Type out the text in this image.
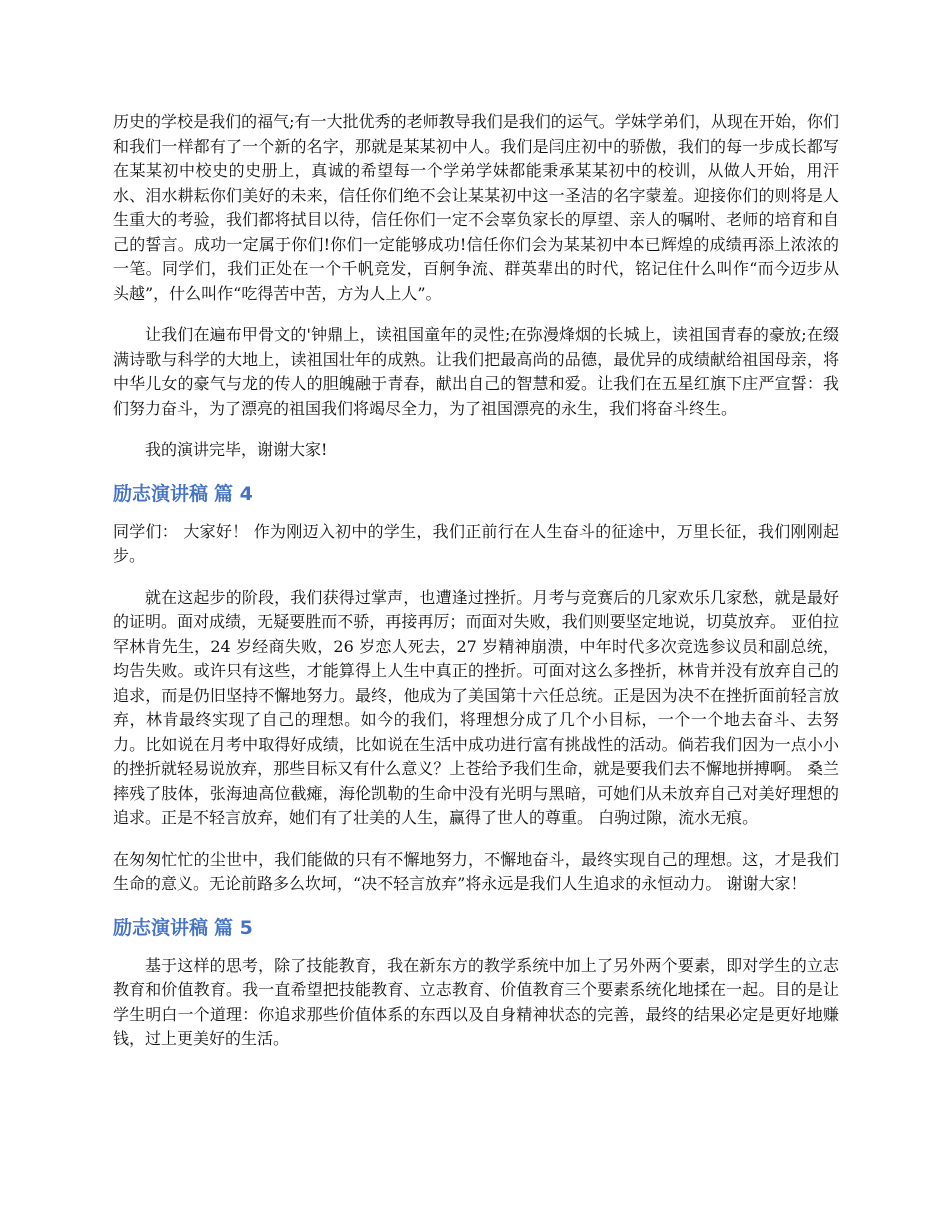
历史的学校是我们的福气;有一大批优秀的老师教导我们是我们的运气。学妹学弟们，从现在开始，你们和我们一样都有了一个新的名字，那就是某某初中人。我们是闫庄初中的骄傲，我们的每一步成长都写在某某初中校史的史册上，真诚的希望每一个学弟学妹都能秉承某某初中的校训，从做人开始，用汗水、泪水耕耘你们美好的未来，信任你们绝不会让某某初中这一圣洁的名字蒙羞。迎接你们的则将是人生重大的考验，我们都将拭目以待，信任你们一定不会辜负家长的厚望、亲人的嘱咐、老师的培育和自己的誓言。成功一定属于你们!你们一定能够成功!信任你们会为某某初中本已辉煌的成绩再添上浓浓的一笔。同学们，我们正处在一个千帆竞发，百舸争流、群英辈出的时代，铭记住什么叫作“而今迈步从头越”，什么叫作“吃得苦中苦，方为人上人”。

让我们在遍布甲骨文的'钟鼎上，读祖国童年的灵性;在弥漫烽烟的长城上，读祖国青春的豪放;在缀满诗歌与科学的大地上，读祖国壮年的成熟。让我们把最高尚的品德，最优异的成绩献给祖国母亲，将中华儿女的豪气与龙的传人的胆魄融于青春，献出自己的智慧和爱。让我们在五星红旗下庄严宣誓：我们努力奋斗，为了漂亮的祖国我们将竭尽全力，为了祖国漂亮的永生，我们将奋斗终生。

我的演讲完毕，谢谢大家!

励志演讲稿 篇 4

同学们： 大家好！ 作为刚迈入初中的学生，我们正前行在人生奋斗的征途中，万里长征，我们刚刚起步。

就在这起步的阶段，我们获得过掌声，也遭逢过挫折。月考与竞赛后的几家欢乐几家愁，就是最好的证明。面对成绩，无疑要胜而不骄，再接再厉；而面对失败，我们则要坚定地说，切莫放弃。 亚伯拉罕林肯先生，24 岁经商失败，26 岁恋人死去，27 岁精神崩溃，中年时代多次竞选参议员和副总统，均告失败。或许只有这些，才能算得上人生中真正的挫折。可面对这么多挫折，林肯并没有放弃自己的追求，而是仍旧坚持不懈地努力。最终，他成为了美国第十六任总统。正是因为决不在挫折面前轻言放弃，林肯最终实现了自己的理想。如今的我们，将理想分成了几个小目标，一个一个地去奋斗、去努力。比如说在月考中取得好成绩，比如说在生活中成功进行富有挑战性的活动。倘若我们因为一点小小的挫折就轻易说放弃，那些目标又有什么意义？上苍给予我们生命，就是要我们去不懈地拼搏啊。 桑兰摔残了肢体，张海迪高位截瘫，海伦凯勒的生命中没有光明与黑暗，可她们从未放弃自己对美好理想的追求。正是不轻言放弃，她们有了壮美的人生，赢得了世人的尊重。 白驹过隙，流水无痕。

在匆匆忙忙的尘世中，我们能做的只有不懈地努力，不懈地奋斗，最终实现自己的理想。这，才是我们生命的意义。无论前路多么坎坷，“决不轻言放弃”将永远是我们人生追求的永恒动力。 谢谢大家！

励志演讲稿 篇 5

基于这样的思考，除了技能教育，我在新东方的教学系统中加上了另外两个要素，即对学生的立志教育和价值教育。我一直希望把技能教育、立志教育、价值教育三个要素系统化地揉在一起。目的是让学生明白一个道理：你追求那些价值体系的东西以及自身精神状态的完善，最终的结果必定是更好地赚钱，过上更美好的生活。
